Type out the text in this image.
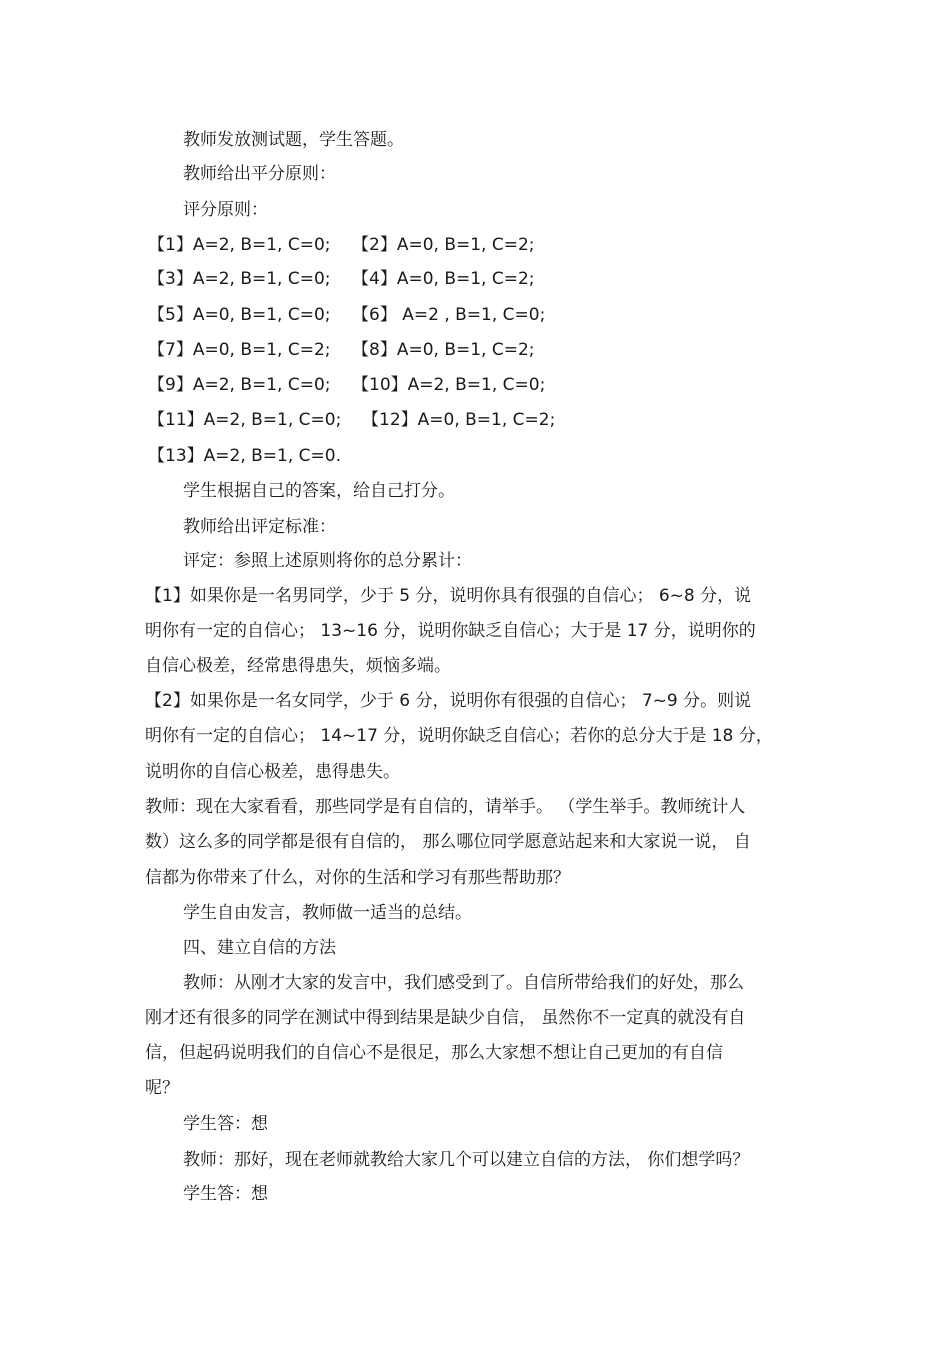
教师发放测试题，学生答题。
教师给出平分原则：
评分原则：
【1】A=2, B=1, C=0; 【2】A=0, B=1, C=2;
【3】A=2, B=1, C=0; 【4】A=0, B=1, C=2;
【5】A=0, B=1, C=0; 【6】 A=2 , B=1, C=0;
【7】A=0, B=1, C=2; 【8】A=0, B=1, C=2;
【9】A=2, B=1, C=0; 【10】A=2, B=1, C=0;
【11】A=2, B=1, C=0; 【12】A=0, B=1, C=2;
【13】A=2, B=1, C=0.
学生根据自己的答案，给自己打分。
教师给出评定标准：
评定：参照上述原则将你的总分累计：
【1】如果你是一名男同学，少于 5 分，说明你具有很强的自信心； 6~8 分，说
明你有一定的自信心； 13~16 分，说明你缺乏自信心；大于是 17 分，说明你的
自信心极差，经常患得患失，烦恼多端。
【2】如果你是一名女同学，少于 6 分，说明你有很强的自信心； 7~9 分。则说
明你有一定的自信心； 14~17 分，说明你缺乏自信心；若你的总分大于是 18 分，
说明你的自信心极差，患得患失。
教师：现在大家看看，那些同学是有自信的，请举手。 （学生举手。教师统计人
数）这么多的同学都是很有自信的， 那么哪位同学愿意站起来和大家说一说， 自
信都为你带来了什么，对你的生活和学习有那些帮助那？
学生自由发言，教师做一适当的总结。
四、建立自信的方法
教师：从刚才大家的发言中，我们感受到了。自信所带给我们的好处，那么
刚才还有很多的同学在测试中得到结果是缺少自信， 虽然你不一定真的就没有自
信，但起码说明我们的自信心不是很足，那么大家想不想让自己更加的有自信
呢？
学生答：想
教师：那好，现在老师就教给大家几个可以建立自信的方法， 你们想学吗？
学生答：想
